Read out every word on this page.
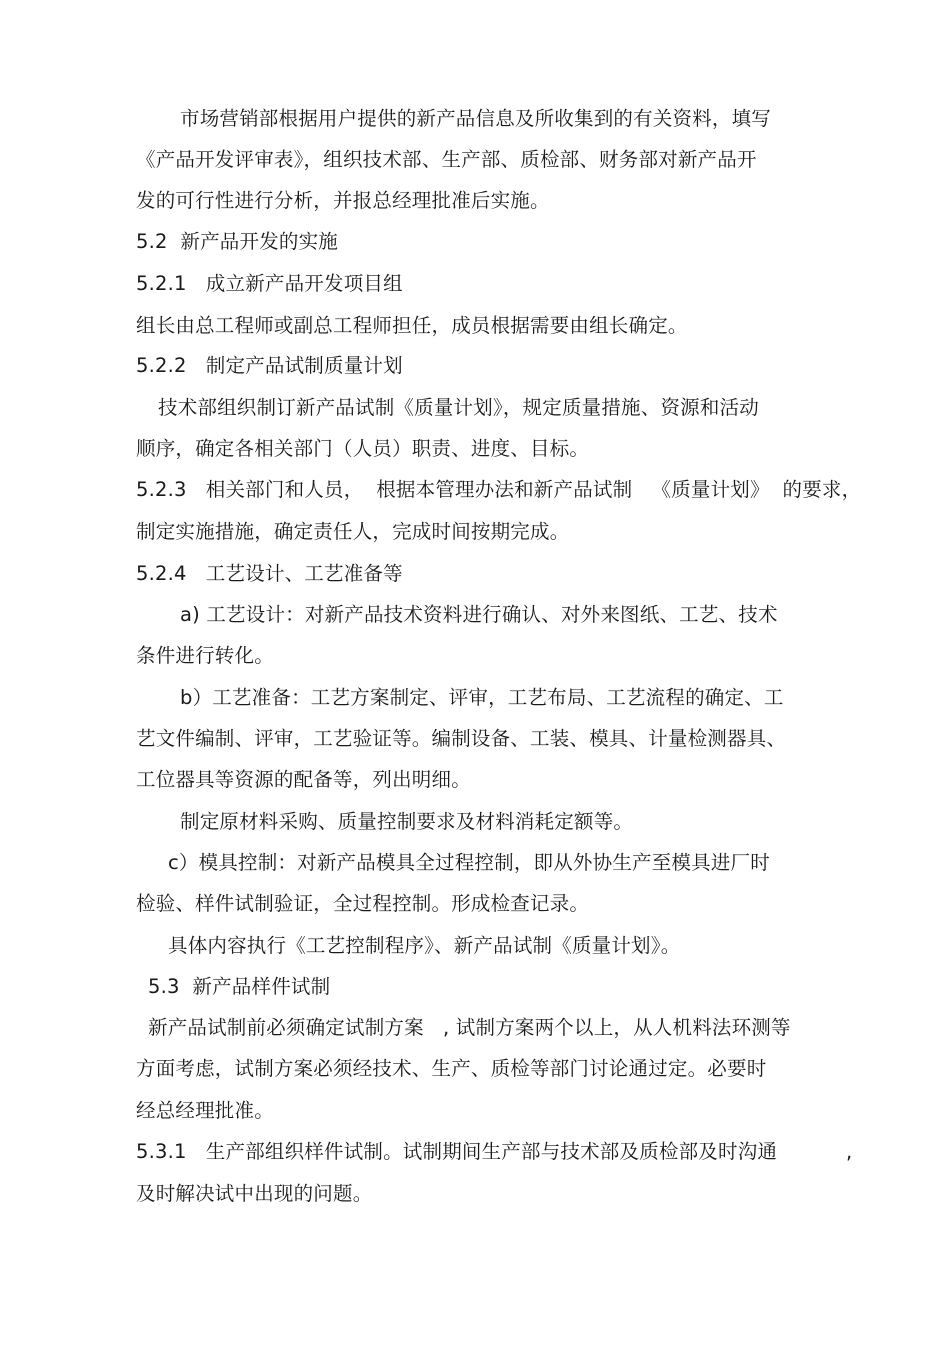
市场营销部根据用户提供的新产品信息及所收集到的有关资料，填写
《产品开发评审表》，组织技术部、生产部、质检部、财务部对新产品开
发的可行性进行分析，并报总经理批准后实施。
5.2  新产品开发的实施
5.2.1   成立新产品开发项目组
组长由总工程师或副总工程师担任，成员根据需要由组长确定。
5.2.2   制定产品试制质量计划
技术部组织制订新产品试制《质量计划》，规定质量措施、资源和活动
顺序，确定各相关部门（人员）职责、进度、目标。
5.2.3   相关部门和人员，  根据本管理办法和新产品试制   《质量计划》  的要求，
制定实施措施，确定责任人，完成时间按期完成。
5.2.4   工艺设计、工艺准备等
a) 工艺设计：对新产品技术资料进行确认、对外来图纸、工艺、技术
条件进行转化。
b）工艺准备：工艺方案制定、评审，工艺布局、工艺流程的确定、工
艺文件编制、评审，工艺验证等。编制设备、工装、模具、计量检测器具、
工位器具等资源的配备等，列出明细。
制定原材料采购、质量控制要求及材料消耗定额等。
c）模具控制：对新产品模具全过程控制，即从外协生产至模具进厂时
检验、样件试制验证，全过程控制。形成检查记录。
具体内容执行《工艺控制程序》、新产品试制《质量计划》。
5.3  新产品样件试制
新产品试制前必须确定试制方案   , 试制方案两个以上，从人机料法环测等
方面考虑，试制方案必须经技术、生产、质检等部门讨论通过定。必要时
经总经理批准。
5.3.1   生产部组织样件试制。试制期间生产部与技术部及质检部及时沟通	,
及时解决试中出现的问题。
